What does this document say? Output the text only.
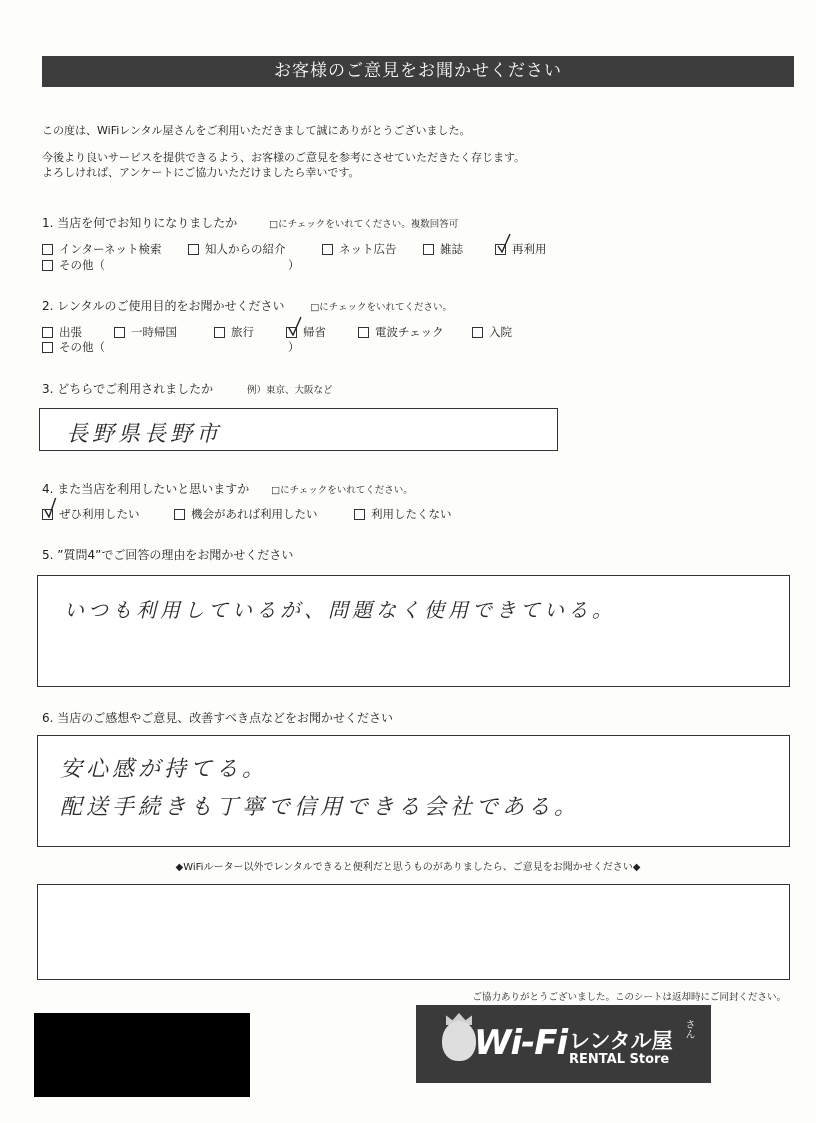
お客様のご意見をお聞かせください
この度は、WiFiレンタル屋さんをご利用いただきまして誠にありがとうございました。
今後より良いサービスを提供できるよう、お客様のご意見を参考にさせていただきたく存じます。
よろしければ、アンケートにご協力いただけましたら幸いです。
1. 当店を何でお知りになりましたか	□にチェックをいれてください。複数回答可
インターネット検索	知人からの紹介	ネット広告	雑誌	再利用
その他（	）
2. レンタルのご使用目的をお聞かせください	□にチェックをいれてください。
出張	一時帰国	旅行	帰省	電波チェック	入院
その他（	）
3. どちらでご利用されましたか	例）東京、大阪など
長野県長野市
4. また当店を利用したいと思いますか □にチェックをいれてください。
ぜひ利用したい	機会があれば利用したい	利用したくない
5. ”質問4”でご回答の理由をお聞かせください
いつも利用しているが、問題なく使用できている。
6. 当店のご感想やご意見、改善すべき点などをお聞かせください
安心感が持てる。
配送手続きも丁寧で信用できる会社である。
◆WiFiルーター以外でレンタルできると便利だと思うものがありましたら、ご意見をお聞かせください◆
ご協力ありがとうございました。このシートは返却時にご同封ください。
Wi-Fi レンタル屋 さん
RENTAL Store
